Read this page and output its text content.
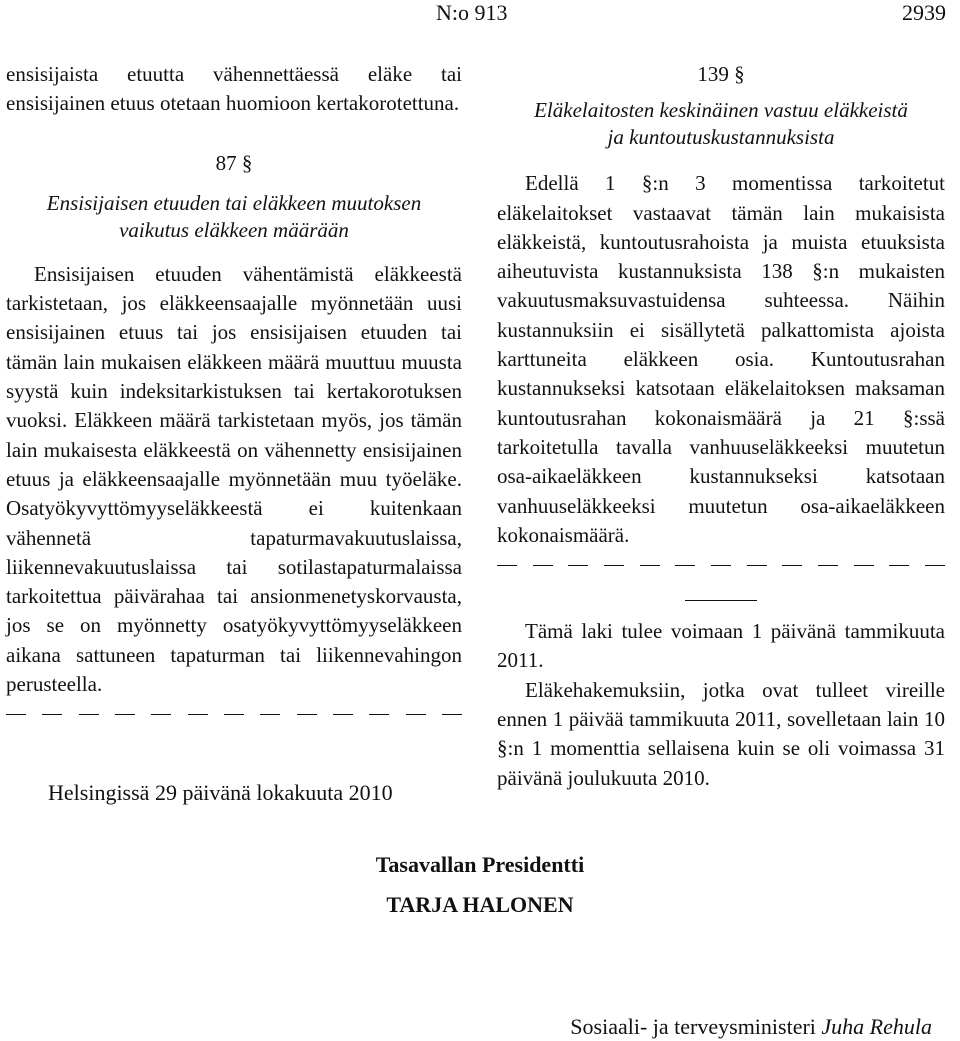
N:o 913	2939

ensisijaista etuutta vähennettäessä eläke tai ensisijainen etuus otetaan huomioon kertakorotettuna.

87 §

Ensisijaisen etuuden tai eläkkeen muutoksen

vaikutus eläkkeen määrään

Ensisijaisen etuuden vähentämistä eläkkeestä tarkistetaan, jos eläkkeensaajalle myönnetään uusi ensisijainen etuus tai jos ensisijaisen etuuden tai tämän lain mukaisen eläkkeen määrä muuttuu muusta syystä kuin indeksitarkistuksen tai kertakorotuksen vuoksi. Eläkkeen määrä tarkistetaan myös, jos tämän lain mukaisesta eläkkeestä on vähennetty ensisijainen etuus ja eläkkeensaajalle myönnetään muu työeläke. Osatyökyvyttömyyseläkkeestä ei kuitenkaan vähennetä tapaturmavakuutuslaissa, liikennevakuutuslaissa tai sotilastapaturmalaissa tarkoitettua päivärahaa tai ansionmenetyskorvausta, jos se on myönnetty osatyökyvyttömyyseläkkeen aikana sattuneen tapaturman tai liikennevahingon perusteella.

139 §

Eläkelaitosten keskinäinen vastuu eläkkeistä

ja kuntoutuskustannuksista

Edellä 1 §:n 3 momentissa tarkoitetut eläkelaitokset vastaavat tämän lain mukaisista eläkkeistä, kuntoutusrahoista ja muista etuuksista aiheutuvista kustannuksista 138 §:n mukaisten vakuutusmaksuvastuidensa suhteessa. Näihin kustannuksiin ei sisällytetä palkattomista ajoista karttuneita eläkkeen osia. Kuntoutusrahan kustannukseksi katsotaan eläkelaitoksen maksaman kuntoutusrahan kokonaismäärä ja 21 §:ssä tarkoitetulla tavalla vanhuuseläkkeeksi muutetun osa-aikaeläkkeen kustannukseksi katsotaan vanhuuseläkkeeksi muutetun osa-aikaeläkkeen kokonaismäärä.

Tämä laki tulee voimaan 1 päivänä tammikuuta 2011.

Eläkehakemuksiin, jotka ovat tulleet vireille ennen 1 päivää tammikuuta 2011, sovelletaan lain 10 §:n 1 momenttia sellaisena kuin se oli voimassa 31 päivänä joulukuuta 2010.

Helsingissä 29 päivänä lokakuuta 2010
Tasavallan Presidentti
TARJA HALONEN
Sosiaali- ja terveysministeri Juha Rehula
